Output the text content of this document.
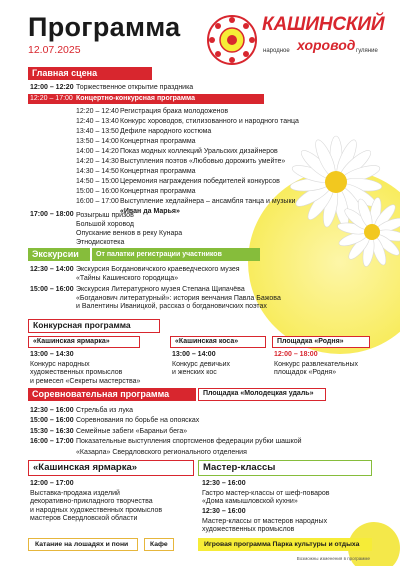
Программа
12.07.2025
КАШИНСКИЙ
народное хоровод гуляние
Главная сцена
12:00 – 12:20 Торжественное открытие праздника
12:20 – 17:00 Концертно-конкурсная программа
12:20 – 12:40Регистрация брака молодоженов
12:40 – 13:40Конкурс хороводов, стилизованного и народного танца
13:40 – 13:50Дефиле народного костюма
13:50 – 14:00Концертная программа
14:00 – 14:20Показ модных коллекций Уральских дизайнеров
14:20 – 14:30Выступления поэтов «Любовью дорожить умейте»
14:30 – 14:50Концертная программа
14:50 – 15:00Церемония награждения победителей конкурсов
15:00 – 16:00Концертная программа
16:00 – 17:00Выступление хедлайнера – ансамбля танца и музыки
«Иван да Марья»
17:00 – 18:00 Розыгрыш призов
Большой хоровод
Опускание венков в реку Кунара
Этнодискотека
Экскурсии	От палатки регистрации участников
12:30 – 14:00 Экскурсия Богдановичского краеведческого музея
«Тайны Кашинского городища»
15:00 – 16:00 Экскурсия Литературного музея Степана Щипачёва
«Богданович литературный»: история венчания Павла Бажова
и Валентины Иваницкой, рассказ о богдановичских поэтах
Конкурсная программа
«Кашинская ярмарка»
13:00 – 14:30
Конкурс народных
художественных промыслов
и ремесел «Секреты мастерства»
«Кашинская коса»
13:00 – 14:00
Конкурс девичьих
и женских кос
Площадка «Родня»
12:00 – 18:00
Конкурс развлекательных
площадок «Родня»
Соревновательная программа	Площадка «Молодецкая удаль»
12:30 – 16:00 Стрельба из лука
15:00 – 16:00 Соревнования по борьбе на опоясках
15:30 – 16:30 Семейные забеги «Бараньи бега»
16:00 – 17:00 Показательные выступления спортсменов федерации рубки шашкой
«Казарла» Свердловского регионального отделения
«Кашинская ярмарка»
12:00 – 17:00
Выставка-продажа изделий
декоративно-прикладного творчества
и народных художественных промыслов
мастеров Свердловской области
Мастер-классы
12:30 – 16:00
Гастро мастер-классы от шеф-поваров
«Дома камышловской кухни»
12:30 – 16:00
Мастер-классы от мастеров народных
художественных промыслов
Катание на лошадях и пони	Кафе	Игровая программа Парка культуры и отдыха
Возможны изменения в программе
